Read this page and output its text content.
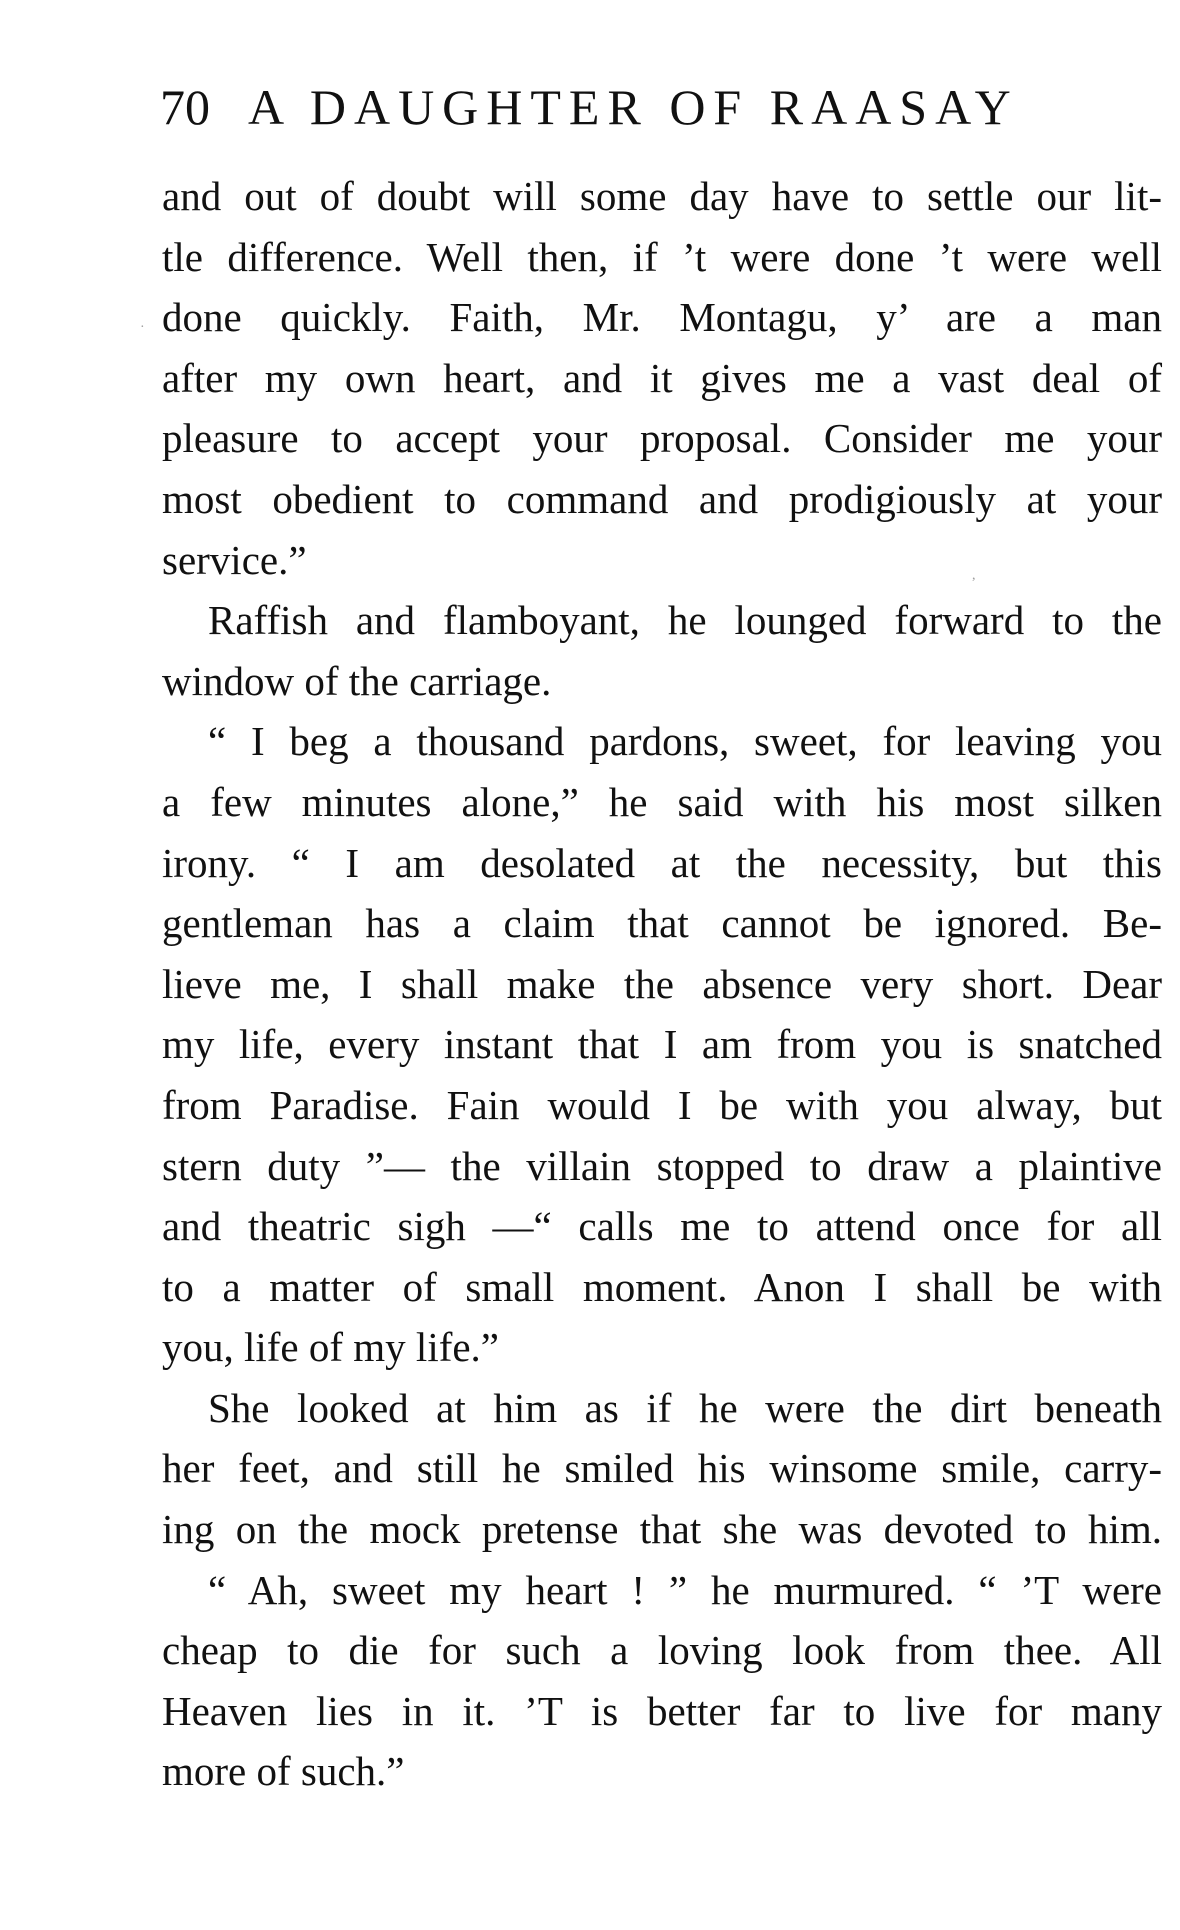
70 A DAUGHTER OF RAASAY
and out of doubt will some day have to settle our lit-
tle difference. Well then, if ’t were done ’t were well
done quickly. Faith, Mr. Montagu, y’ are a man
after my own heart, and it gives me a vast deal of
pleasure to accept your proposal. Consider me your
most obedient to command and prodigiously at your
service.”
Raffish and flamboyant, he lounged forward to the
window of the carriage.
“ I beg a thousand pardons, sweet, for leaving you
a few minutes alone,” he said with his most silken
irony. “ I am desolated at the necessity, but this
gentleman has a claim that cannot be ignored. Be-
lieve me, I shall make the absence very short. Dear
my life, every instant that I am from you is snatched
from Paradise. Fain would I be with you alway, but
stern duty ”— the villain stopped to draw a plaintive
and theatric sigh —“ calls me to attend once for all
to a matter of small moment. Anon I shall be with
you, life of my life.”
She looked at him as if he were the dirt beneath
her feet, and still he smiled his winsome smile, carry-
ing on the mock pretense that she was devoted to him.
“ Ah, sweet my heart ! ” he murmured. “ ’T were
cheap to die for such a loving look from thee. All
Heaven lies in it. ’T is better far to live for many
more of such.”
·
,
